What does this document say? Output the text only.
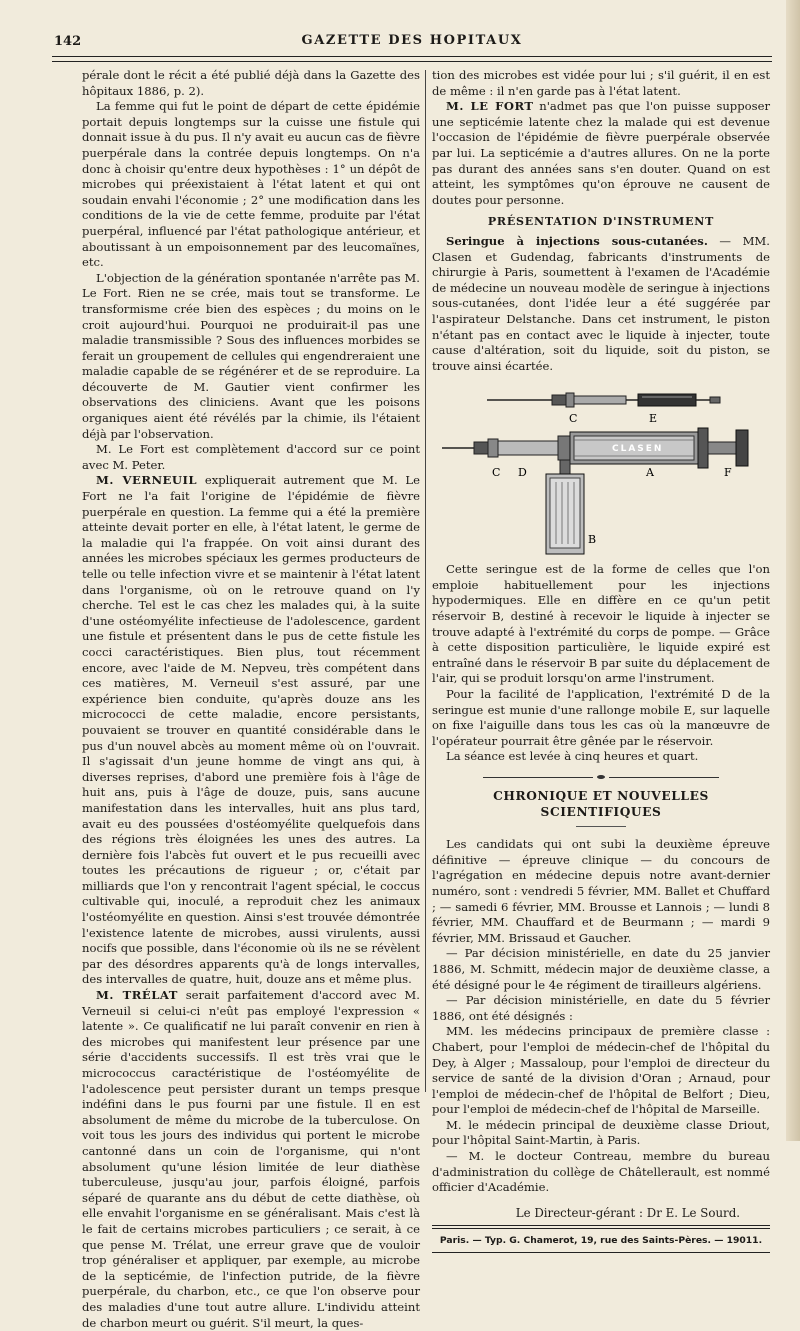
142	GAZETTE DES HOPITAUX

pérale dont le récit a été publié déjà dans la Gazette des hôpitaux 1886, p. 2).

La femme qui fut le point de départ de cette épidémie portait depuis longtemps sur la cuisse une fistule qui donnait issue à du pus. Il n'y avait eu aucun cas de fièvre puerpérale dans la contrée depuis longtemps. On n'a donc à choisir qu'entre deux hypothèses : 1° un dépôt de microbes qui préexistaient à l'état latent et qui ont soudain envahi l'économie ; 2° une modification dans les conditions de la vie de cette femme, produite par l'état puerpéral, influencé par l'état pathologique antérieur, et aboutissant à un empoisonnement par des leucomaïnes, etc.

L'objection de la génération spontanée n'arrête pas M. Le Fort. Rien ne se crée, mais tout se transforme. Le transformisme crée bien des espèces ; du moins on le croit aujourd'hui. Pourquoi ne produirait-il pas une maladie transmissible ? Sous des influences morbides se ferait un groupement de cellules qui engendreraient une maladie capable de se régénérer et de se reproduire. La découverte de M. Gautier vient confirmer les observations des cliniciens. Avant que les poisons organiques aient été révélés par la chimie, ils l'étaient déjà par l'observation.

M. Le Fort est complètement d'accord sur ce point avec M. Peter.

M. VERNEUIL expliquerait autrement que M. Le Fort ne l'a fait l'origine de l'épidémie de fièvre puerpérale en question. La femme qui a été la première atteinte devait porter en elle, à l'état latent, le germe de la maladie qui l'a frappée. On voit ainsi durant des années les microbes spéciaux les germes producteurs de telle ou telle infection vivre et se maintenir à l'état latent dans l'organisme, où on le retrouve quand on l'y cherche. Tel est le cas chez les malades qui, à la suite d'une ostéomyélite infectieuse de l'adolescence, gardent une fistule et présentent dans le pus de cette fistule les cocci caractéristiques. Bien plus, tout récemment encore, avec l'aide de M. Nepveu, très compétent dans ces matières, M. Verneuil s'est assuré, par une expérience bien conduite, qu'après douze ans les micrococci de cette maladie, encore persistants, pouvaient se trouver en quantité considérable dans le pus d'un nouvel abcès au moment même où on l'ouvrait. Il s'agissait d'un jeune homme de vingt ans qui, à diverses reprises, d'abord une première fois à l'âge de huit ans, puis à l'âge de douze, puis, sans aucune manifestation dans les intervalles, huit ans plus tard, avait eu des poussées d'ostéomyélite quelquefois dans des régions très éloignées les unes des autres. La dernière fois l'abcès fut ouvert et le pus recueilli avec toutes les précautions de rigueur ; or, c'était par milliards que l'on y rencontrait l'agent spécial, le coccus cultivable qui, inoculé, a reproduit chez les animaux l'ostéomyélite en question. Ainsi s'est trouvée démontrée l'existence latente de microbes, aussi virulents, aussi nocifs que possible, dans l'économie où ils ne se révèlent par des désordres apparents qu'à de longs intervalles, des intervalles de quatre, huit, douze ans et même plus.

M. TRÉLAT serait parfaitement d'accord avec M. Verneuil si celui-ci n'eût pas employé l'expression « latente ». Ce qualificatif ne lui paraît convenir en rien à des microbes qui manifestent leur présence par une série d'accidents successifs. Il est très vrai que le micrococcus caractéristique de l'ostéomyélite de l'adolescence peut persister durant un temps presque indéfini dans le pus fourni par une fistule. Il en est absolument de même du microbe de la tuberculose. On voit tous les jours des individus qui portent le microbe cantonné dans un coin de l'organisme, qui n'ont absolument qu'une lésion limitée de leur diathèse tuberculeuse, jusqu'au jour, parfois éloigné, parfois séparé de quarante ans du début de cette diathèse, où elle envahit l'organisme en se généralisant. Mais c'est là le fait de certains microbes particuliers ; ce serait, à ce que pense M. Trélat, une erreur grave que de vouloir trop généraliser et appliquer, par exemple, au microbe de la septicémie, de l'infection putride, de la fièvre puerpérale, du charbon, etc., ce que l'on observe pour des maladies d'une tout autre allure. L'individu atteint de charbon meurt ou guérit. S'il meurt, la ques-

tion des microbes est vidée pour lui ; s'il guérit, il en est de même : il n'en garde pas à l'état latent.

M. LE FORT n'admet pas que l'on puisse supposer une septicémie latente chez la malade qui est devenue l'occasion de l'épidémie de fièvre puerpérale observée par lui. La septicémie a d'autres allures. On ne la porte pas durant des années sans s'en douter. Quand on est atteint, les symptômes qu'on éprouve ne causent de doutes pour personne.

PRÉSENTATION D'INSTRUMENT

Seringue à injections sous-cutanées. — MM. Clasen et Gudendag, fabricants d'instruments de chirurgie à Paris, soumettent à l'examen de l'Académie de médecine un nouveau modèle de seringue à injections sous-cutanées, dont l'idée leur a été suggérée par l'aspirateur Delstanche. Dans cet instrument, le piston n'étant pas en contact avec le liquide à injecter, toute cause d'altération, soit du liquide, soit du piston, se trouve ainsi écartée.

C	E
CLASEN
C D	A	F
B

Cette seringue est de la forme de celles que l'on emploie habituellement pour les injections hypodermiques. Elle en diffère en ce qu'un petit réservoir B, destiné à recevoir le liquide à injecter se trouve adapté à l'extrémité du corps de pompe. — Grâce à cette disposition particulière, le liquide expiré est entraîné dans le réservoir B par suite du déplacement de l'air, qui se produit lorsqu'on arme l'instrument.

Pour la facilité de l'application, l'extrémité D de la seringue est munie d'une rallonge mobile E, sur laquelle on fixe l'aiguille dans tous les cas où la manœuvre de l'opérateur pourrait être gênée par le réservoir.

La séance est levée à cinq heures et quart.

CHRONIQUE ET NOUVELLES SCIENTIFIQUES

Les candidats qui ont subi la deuxième épreuve définitive — épreuve clinique — du concours de l'agrégation en médecine depuis notre avant-dernier numéro, sont : vendredi 5 février, MM. Ballet et Chuffard ; — samedi 6 février, MM. Brousse et Lannois ; — lundi 8 février, MM. Chauffard et de Beurmann ; — mardi 9 février, MM. Brissaud et Gaucher.

— Par décision ministérielle, en date du 25 janvier 1886, M. Schmitt, médecin major de deuxième classe, a été désigné pour le 4e régiment de tirailleurs algériens.

— Par décision ministérielle, en date du 5 février 1886, ont été désignés :

MM. les médecins principaux de première classe : Chabert, pour l'emploi de médecin-chef de l'hôpital du Dey, à Alger ; Massaloup, pour l'emploi de directeur du service de santé de la division d'Oran ; Arnaud, pour l'emploi de médecin-chef de l'hôpital de Belfort ; Dieu, pour l'emploi de médecin-chef de l'hôpital de Marseille.

M. le médecin principal de deuxième classe Driout, pour l'hôpital Saint-Martin, à Paris.

— M. le docteur Contreau, membre du bureau d'administration du collège de Châtellerault, est nommé officier d'Académie.

Le Directeur-gérant : Dr E. Le Sourd.
Paris. — Typ. G. Chamerot, 19, rue des Saints-Pères. — 19011.
